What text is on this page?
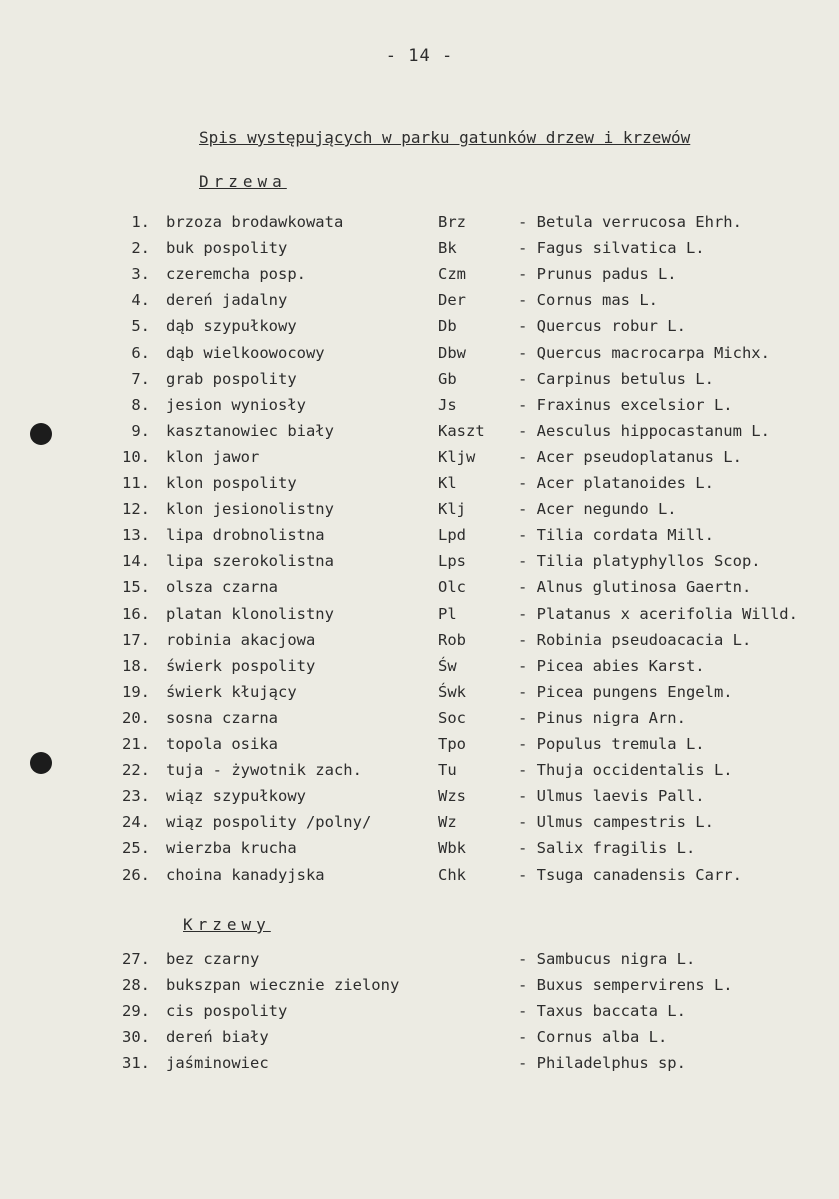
- 14 -
Spis występujących w parku gatunków drzew i krzewów
Drzewa
1. brzoza brodawkowata	Brz	- Betula verrucosa Ehrh.
2. buk pospolity	Bk	- Fagus silvatica L.
3. czeremcha posp.	Czm	- Prunus padus L.
4. dereń jadalny	Der	- Cornus mas L.
5. dąb szypułkowy	Db	- Quercus robur L.
6. dąb wielkoowocowy	Dbw	- Quercus macrocarpa Michx.
7. grab pospolity	Gb	- Carpinus betulus L.
8. jesion wyniosły	Js	- Fraxinus excelsior L.
9. kasztanowiec biały	Kaszt - Aesculus hippocastanum L.
10. klon jawor	Kljw	- Acer pseudoplatanus L.
11. klon pospolity	Kl	- Acer platanoides L.
12. klon jesionolistny	Klj	- Acer negundo L.
13. lipa drobnolistna	Lpd	- Tilia cordata Mill.
14. lipa szerokolistna	Lps	- Tilia platyphyllos Scop.
15. olsza czarna	Olc	- Alnus glutinosa Gaertn.
16. platan klonolistny	Pl	- Platanus x acerifolia Willd.
17. robinia akacjowa	Rob	- Robinia pseudoacacia L.
18. świerk pospolity	Św	- Picea abies Karst.
19. świerk kłujący	Śwk	- Picea pungens Engelm.
20. sosna czarna	Soc	- Pinus nigra Arn.
21. topola osika	Tpo	- Populus tremula L.
22. tuja - żywotnik zach.	Tu	- Thuja occidentalis L.
23. wiąz szypułkowy	Wzs	- Ulmus laevis Pall.
24. wiąz pospolity /polny/	Wz	- Ulmus campestris L.
25. wierzba krucha	Wbk	- Salix fragilis L.
26. choina kanadyjska	Chk	- Tsuga canadensis Carr.
Krzewy
27. bez czarny	- Sambucus nigra L.
28. bukszpan wiecznie zielony	- Buxus sempervirens L.
29. cis pospolity	- Taxus baccata L.
30. dereń biały	- Cornus alba L.
31. jaśminowiec	- Philadelphus sp.
